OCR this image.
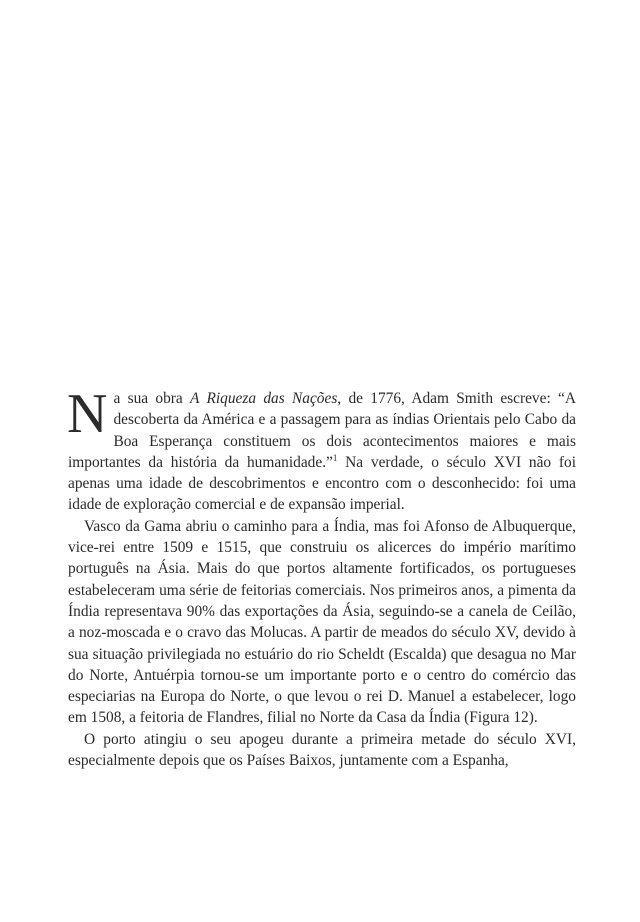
Na sua obra A Riqueza das Nações, de 1776, Adam Smith escreve: “A descoberta da América e a passagem para as índias Orientais pelo Cabo da Boa Esperança constituem os dois acontecimentos maiores e mais importantes da história da humanidade.”$^1$ Na verdade, o século XVI não foi apenas uma idade de descobrimentos e encontro com o desconhecido: foi uma idade de exploração comercial e de expansão imperial.

Vasco da Gama abriu o caminho para a Índia, mas foi Afonso de Albuquerque, vice-rei entre 1509 e 1515, que construiu os alicerces do império marítimo português na Ásia. Mais do que portos altamente fortificados, os portugueses estabeleceram uma série de feitorias comerciais. Nos primeiros anos, a pimenta da Índia representava 90% das exportações da Ásia, seguindo-se a canela de Ceilão, a noz-moscada e o cravo das Molucas. A partir de meados do século XV, devido à sua situação privilegiada no estuário do rio Scheldt (Escalda) que desagua no Mar do Norte, Antuérpia tornou-se um importante porto e o centro do comércio das especiarias na Europa do Norte, o que levou o rei D. Manuel a estabelecer, logo em 1508, a feitoria de Flandres, filial no Norte da Casa da Índia (Figura 12).

O porto atingiu o seu apogeu durante a primeira metade do século XVI, especialmente depois que os Países Baixos, juntamente com a Espanha,
